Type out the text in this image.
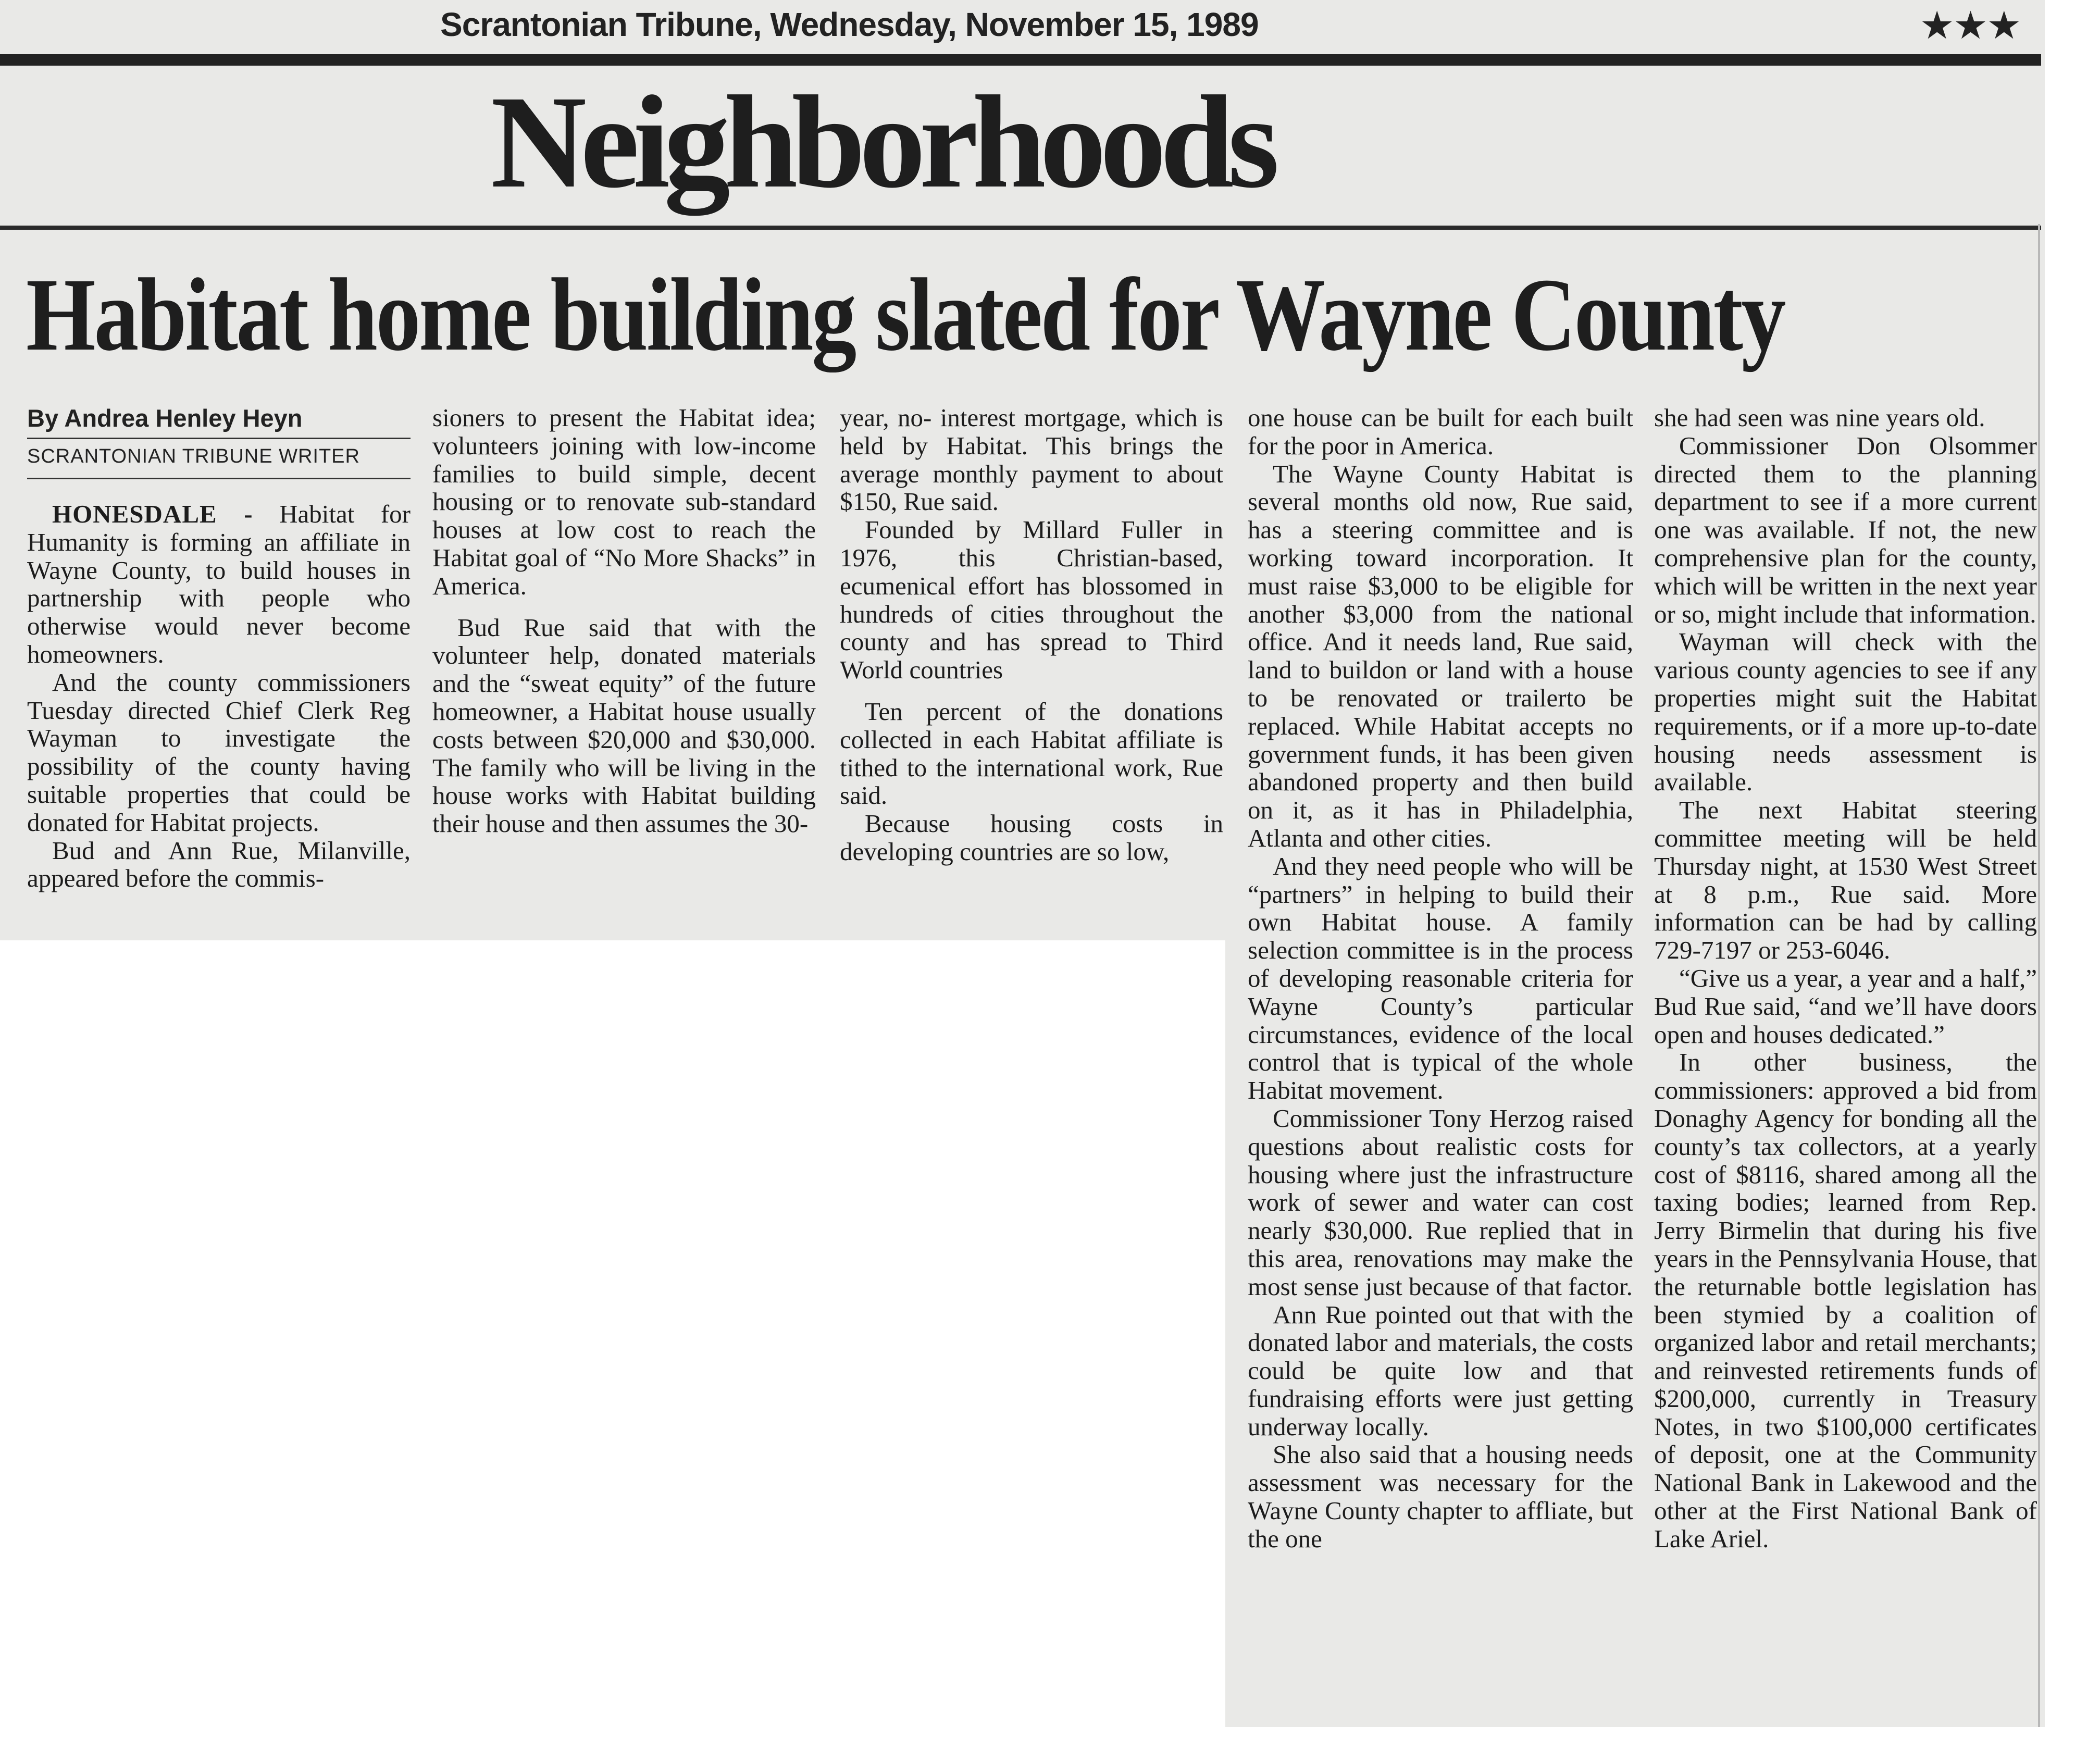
Scrantonian Tribune, Wednesday, November 15, 1989	★★★
Neighborhoods
Habitat home building slated for Wayne County
By Andrea Henley Heyn
SCRANTONIAN TRIBUNE WRITER

HONESDALE - Habitat for Humanity is forming an affiliate in Wayne County, to build houses in partnership with people who otherwise would never become homeowners.

And the county commissioners Tuesday directed Chief Clerk Reg Wayman to investigate the possibility of the county having suitable properties that could be donated for Habitat projects.

Bud and Ann Rue, Milanville, appeared before the commis-

sioners to present the Habitat idea; volunteers joining with low-income families to build simple, decent housing or to renovate sub-standard houses at low cost to reach the Habitat goal of “No More Shacks” in America.

Bud Rue said that with the volunteer help, donated materials and the “sweat equity” of the future homeowner, a Habitat house usually costs between $20,000 and $30,000. The family who will be living in the house works with Habitat building their house and then assumes the 30-

year, no- interest mortgage, which is held by Habitat. This brings the average monthly payment to about $150, Rue said.

Founded by Millard Fuller in 1976, this Christian-based, ecumenical effort has blossomed in hundreds of cities throughout the county and has spread to Third World countries

Ten percent of the donations collected in each Habitat affiliate is tithed to the international work, Rue said.

Because housing costs in developing countries are so low,

one house can be built for each built for the poor in America.

The Wayne County Habitat is several months old now, Rue said, has a steering committee and is working toward incorporation. It must raise $3,000 to be eligible for another $3,000 from the national office. And it needs land, Rue said, land to buildon or land with a house to be renovated or trailerto be replaced. While Habitat accepts no government funds, it has been given abandoned property and then build on it, as it has in Philadelphia, Atlanta and other cities.

And they need people who will be “partners” in helping to build their own Habitat house. A family selection committee is in the process of developing reasonable criteria for Wayne County’s particular circumstances, evidence of the local control that is typical of the whole Habitat movement.

Commissioner Tony Herzog raised questions about realistic costs for housing where just the infrastructure work of sewer and water can cost nearly $30,000. Rue replied that in this area, renovations may make the most sense just because of that factor.

Ann Rue pointed out that with the donated labor and materials, the costs could be quite low and that fundraising efforts were just getting underway locally.

She also said that a housing needs assessment was necessary for the Wayne County chapter to affliate, but the one

she had seen was nine years old.

Commissioner Don Olsommer directed them to the planning department to see if a more current one was available. If not, the new comprehensive plan for the county, which will be written in the next year or so, might include that information.

Wayman will check with the various county agencies to see if any properties might suit the Habitat requirements, or if a more up-to-date housing needs assessment is available.

The next Habitat steering committee meeting will be held Thursday night, at 1530 West Street at 8 p.m., Rue said. More information can be had by calling 729-7197 or 253-6046.

“Give us a year, a year and a half,” Bud Rue said, “and we’ll have doors open and houses dedicated.”

In other business, the commissioners: approved a bid from Donaghy Agency for bonding all the county’s tax collectors, at a yearly cost of $8116, shared among all the taxing bodies; learned from Rep. Jerry Birmelin that during his five years in the Pennsylvania House, that the returnable bottle legislation has been stymied by a coalition of organized labor and retail merchants; and reinvested retirements funds of $200,000, currently in Treasury Notes, in two $100,000 certificates of deposit, one at the Community National Bank in Lakewood and the other at the First National Bank of Lake Ariel.
